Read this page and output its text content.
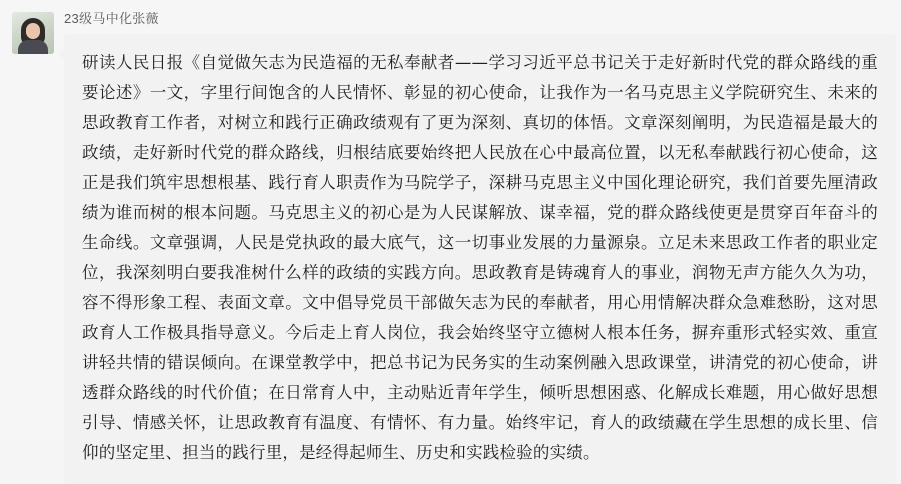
23级马中化张薇
研读人民日报《自觉做矢志为民造福的无私奉献者——学习习近平总书记关于走好新时代党的群众路线的重要论述》一文，字里行间饱含的人民情怀、彰显的初心使命，让我作为一名马克思主义学院研究生、未来的思政教育工作者，对树立和践行正确政绩观有了更为深刻、真切的体悟。文章深刻阐明，为民造福是最大的政绩，走好新时代党的群众路线，归根结底要始终把人民放在心中最高位置，以无私奉献践行初心使命，这正是我们筑牢思想根基、践行育人职责作为马院学子，深耕马克思主义中国化理论研究，我们首要先厘清政绩为谁而树的根本问题。马克思主义的初心是为人民谋解放、谋幸福，党的群众路线使更是贯穿百年奋斗的生命线。文章强调，人民是党执政的最大底气，这一切事业发展的力量源泉。立足未来思政工作者的职业定位，我深刻明白要我准树什么样的政绩的实践方向。思政教育是铸魂育人的事业，润物无声方能久久为功，容不得形象工程、表面文章。文中倡导党员干部做矢志为民的奉献者，用心用情解决群众急难愁盼，这对思政育人工作极具指导意义。今后走上育人岗位，我会始终坚守立德树人根本任务，摒弃重形式轻实效、重宣讲轻共情的错误倾向。在课堂教学中，把总书记为民务实的生动案例融入思政课堂，讲清党的初心使命，讲透群众路线的时代价值；在日常育人中，主动贴近青年学生，倾听思想困惑、化解成长难题，用心做好思想引导、情感关怀，让思政教育有温度、有情怀、有力量。始终牢记，育人的政绩藏在学生思想的成长里、信仰的坚定里、担当的践行里，是经得起师生、历史和实践检验的实绩。
